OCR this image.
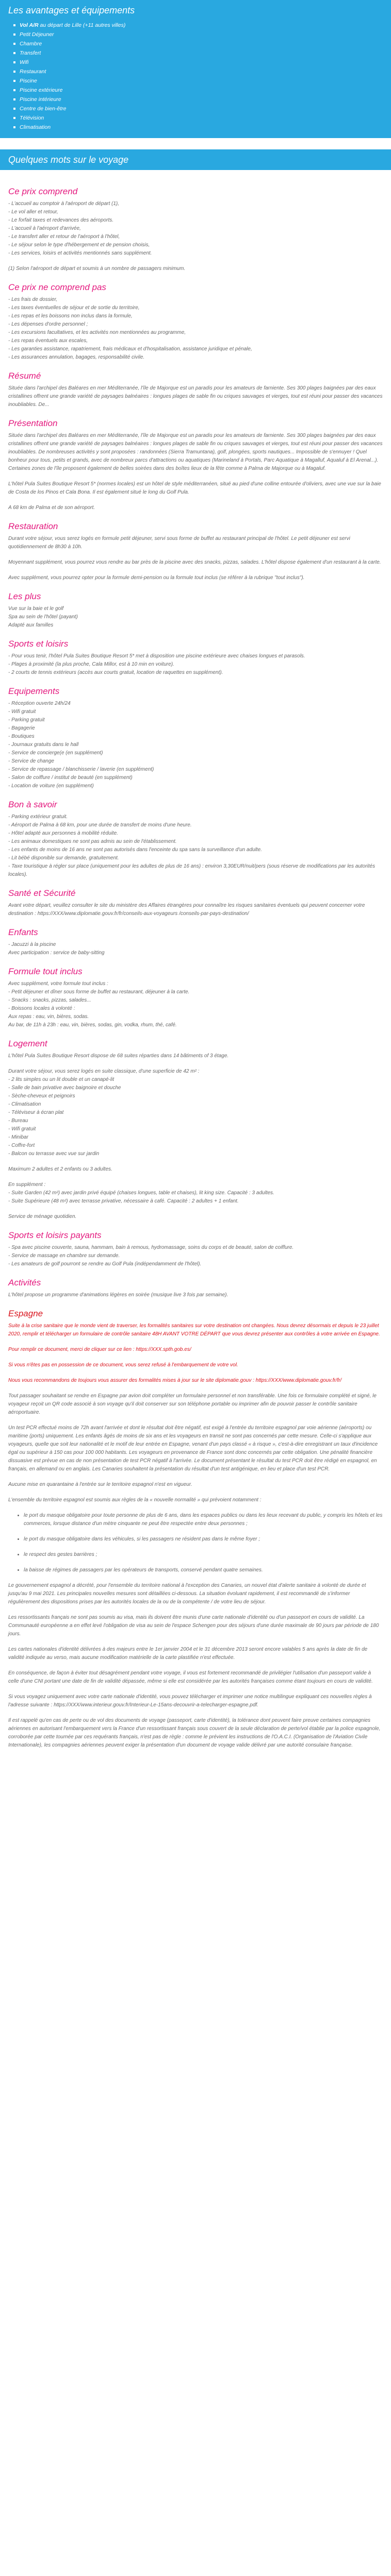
Les avantages et équipements
Vol A/R au départ de Lille (+11 autres villes)
Petit Déjeuner
Chambre
Transfert
Wifi
Restaurant
Piscine
Piscine extérieure
Piscine intérieure
Centre de bien-être
Télévision
Climatisation
Quelques mots sur le voyage
Ce prix comprend
- L'accueil au comptoir à l'aéroport de départ (1),
- Le vol aller et retour,
- Le forfait taxes et redevances des aéroports.
- L'accueil à l'aéroport d'arrivée,
- Le transfert aller et retour de l'aéroport à l'hôtel,
- Le séjour selon le type d'hébergement et de pension choisis,
- Les services, loisirs et activités mentionnés sans supplément.

(1) Selon l'aéroport de départ et soumis à un nombre de passagers minimum.

Ce prix ne comprend pas
- Les frais de dossier,
- Les taxes éventuelles de séjour et de sortie du territoire,
- Les repas et les boissons non inclus dans la formule,
- Les dépenses d'ordre personnel ;
- Les excursions facultatives, et les activités non mentionnées au programme,
- Les repas éventuels aux escales,
- Les garanties assistance, rapatriement, frais médicaux et d'hospitalisation, assistance juridique et pénale,
- Les assurances annulation, bagages, responsabilité civile.
Résumé

Située dans l'archipel des Baléares en mer Méditerranée, l'île de Majorque est un paradis pour les amateurs de farniente. Ses 300 plages baignées par des eaux cristallines offrent une grande variété de paysages balnéaires : longues plages de sable fin ou criques sauvages et vierges, tout est réuni pour passer des vacances inoubliables. De...

Présentation

Située dans l'archipel des Baléares en mer Méditerranée, l'île de Majorque est un paradis pour les amateurs de farniente. Ses 300 plages baignées par des eaux cristallines offrent une grande variété de paysages balnéaires : longues plages de sable fin ou criques sauvages et vierges, tout est réuni pour passer des vacances inoubliables. De nombreuses activités y sont proposées : randonnées (Sierra Tramuntana), golf, plongées, sports nautiques... Impossible de s'ennuyer ! Quel bonheur pour tous, petits et grands, avec de nombreux parcs d'attractions ou aquatiques (Marineland à Portals, Parc Aquatique à Magalluf, Aqualuf à El Arenal...). Certaines zones de l'île proposent également de belles soirées dans des boîtes lieux de la fête comme à Palma de Majorque ou à Magaluf.

L'hôtel Pula Suites Boutique Resort 5* (normes locales) est un hôtel de style méditerranéen, situé au pied d'une colline entourée d'oliviers, avec une vue sur la baie de Costa de los Pinos et Cala Bona. Il est également situé le long du Golf Pula.

A 68 km de Palma et de son aéroport.

Restauration

Durant votre séjour, vous serez logés en formule petit déjeuner, servi sous forme de buffet au restaurant principal de l'hôtel. Le petit déjeuner est servi quotidiennement de 8h30 à 10h.

Moyennant supplément, vous pourrez vous rendre au bar près de la piscine avec des snacks, pizzas, salades. L'hôtel dispose également d'un restaurant à la carte.

Avec supplément, vous pourrez opter pour la formule demi-pension ou la formule tout inclus (se référer à la rubrique "tout inclus").

Les plus
Vue sur la baie et le golf
Spa au sein de l'hôtel (payant)
Adapté aux familles
Sports et loisirs
- Pour vous tenir, l'hôtel Pula Suites Boutique Resort 5* met à disposition une piscine extérieure avec chaises longues et parasols.
- Plages à proximité (la plus proche, Cala Millor, est à 10 min en voiture).
- 2 courts de tennis extérieurs (accès aux courts gratuit, location de raquettes en supplément).
Equipements
- Réception ouverte 24h/24
- Wifi gratuit
- Parking gratuit
- Bagagerie
- Boutiques
- Journaux gratuits dans le hall
- Service de concierge(e (en supplément)
- Service de change
- Service de repassage / blanchisserie / laverie (en supplément)
- Salon de coiffure / institut de beauté (en supplément)
- Location de voiture (en supplément)
Bon à savoir
- Parking extérieur gratuit.
- Aéroport de Palma à 68 km, pour une durée de transfert de moins d'une heure.
- Hôtel adapté aux personnes à mobilité réduite.
- Les animaux domestiques ne sont pas admis au sein de l'établissement.
- Les enfants de moins de 16 ans ne sont pas autorisés dans l'enceinte du spa sans la surveillance d'un adulte.
- Lit bébé disponible sur demande, gratuitement.
- Taxe touristique à régler sur place (uniquement pour les adultes de plus de 16 ans) : environ 3,30EUR/nuit/pers (sous réserve de modifications par les autorités locales).
Santé et Sécurité

Avant votre départ, veuillez consulter le site du ministère des Affaires étrangères pour connaître les risques sanitaires éventuels qui peuvent concerner votre destination : https://XXX/www.diplomatie.gouv.fr/fr/conseils-aux-voyageurs /conseils-par-pays-destination/

Enfants
- Jacuzzi à la piscine
Avec participation : service de baby-sitting
Formule tout inclus
Avec supplément, votre formule tout inclus :
- Petit déjeuner et dîner sous forme de buffet au restaurant, déjeuner à la carte.
- Snacks : snacks, pizzas, salades...
- Boissons locales à volonté :
Aux repas : eau, vin, bières, sodas.
Au bar, de 11h à 23h : eau, vin, bières, sodas, gin, vodka, rhum, thé, café.
Logement

L'hôtel Pula Suites Boutique Resort dispose de 68 suites réparties dans 14 bâtiments of 3 étage.

Durant votre séjour, vous serez logés en suite classique, d'une superficie de 42 m² :
- 2 lits simples ou un lit double et un canapé-lit
- Salle de bain privative avec baignoire et douche
- Sèche-cheveux et peignoirs
- Climatisation
- Téléviseur à écran plat
- Bureau
- Wifi gratuit
- Minibar
- Coffre-fort
- Balcon ou terrasse avec vue sur jardin

Maximum 2 adultes et 2 enfants ou 3 adultes.

En supplément :
- Suite Garden (42 m²) avec jardin privé équipé (chaises longues, table et chaises), lit king size. Capacité : 3 adultes.
- Suite Supérieure (48 m²) avec terrasse privative, nécessaire à café. Capacité : 2 adultes + 1 enfant.

Service de ménage quotidien.

Sports et loisirs payants
- Spa avec piscine couverte, sauna, hammam, bain à remous, hydromassage, soins du corps et de beauté, salon de coiffure.
- Service de massage en chambre sur demande.
- Les amateurs de golf pourront se rendre au Golf Pula (indépendamment de l'hôtel).
Activités

L'hôtel propose un programme d'animations légères en soirée (musique live 3 fois par semaine).

Espagne
Suite à la crise sanitaire que le monde vient de traverser, les formalités sanitaires sur votre destination ont changées. Nous devrez désormais et depuis le 23 juillet 2020, remplir et télécharger un formulaire de contrôle sanitaire 48H AVANT VOTRE DÉPART que vous devrez présenter aux contrôles à votre arrivée en Espagne.
Pour remplir ce document, merci de cliquer sur ce lien : https://XXX.spth.gob.es/
Si vous n'êtes pas en possession de ce document, vous serez refusé à l'embarquement de votre vol.
Nous vous recommandons de toujours vous assurer des formalités mises à jour sur le site diplomatie.gouv : https://XXX/www.diplomatie.gouv.fr/fr/

Tout passager souhaitant se rendre en Espagne par avion doit compléter un formulaire personnel et non transférable. Une fois ce formulaire complété et signé, le voyageur reçoit un QR code associé à son voyage qu'il doit conserver sur son téléphone portable ou imprimer afin de pouvoir passer le contrôle sanitaire aéroportuaire.

Un test PCR effectué moins de 72h avant l'arrivée et dont le résultat doit être négatif, est exigé à l'entrée du territoire espagnol par voie aérienne (aéroports) ou maritime (ports) uniquement. Les enfants âgés de moins de six ans et les voyageurs en transit ne sont pas concernés par cette mesure. Celle-ci s'applique aux voyageurs, quelle que soit leur nationalité et le motif de leur entrée en Espagne, venant d'un pays classé « à risque », c'est-à-dire enregistrant un taux d'incidence égal ou supérieur à 150 cas pour 100 000 habitants. Les voyageurs en provenance de France sont donc concernés par cette obligation. Une pénalité financière dissuasive est prévue en cas de non présentation de test PCR négatif à l'arrivée. Le document présentant le résultat du test PCR doit être rédigé en espagnol, en français, en allemand ou en anglais. Les Canaries souhaitent la présentation du résultat d'un test antigénique, en lieu et place d'un test PCR.

Aucune mise en quarantaine à l'entrée sur le territoire espagnol n'est en vigueur.

L'ensemble du territoire espagnol est soumis aux règles de la « nouvelle normalité » qui prévoient notamment :

• le port du masque obligatoire pour toute personne de plus de 6 ans, dans les espaces publics ou dans les lieux recevant du public, y compris les hôtels et les commerces, lorsque distance d'un mètre cinquante ne peut être respectée entre deux personnes ;
• le port du masque obligatoire dans les véhicules, si les passagers ne résident pas dans le même foyer ;
• le respect des gestes barrières ;
• la baisse de régimes de passagers par les opérateurs de transports, conservé pendant quatre semaines.

Le gouvernement espagnol a décrété, pour l'ensemble du territoire national à l'exception des Canaries, un nouvel état d'alerte sanitaire à volonté de durée et jusqu'au 9 mai 2021. Les principales nouvelles mesures sont détaillées ci-dessous. La situation évoluant rapidement, il est recommandé de s'informer régulièrement des dispositions prises par les autorités locales de la ou de la compétente / de votre lieu de séjour.

Les ressortissants français ne sont pas soumis au visa, mais ils doivent être munis d'une carte nationale d'identité ou d'un passeport en cours de validité. La Communauté européenne a en effet levé l'obligation de visa au sein de l'espace Schengen pour des séjours d'une durée maximale de 90 jours par période de 180 jours.

Les cartes nationales d'identité délivrées à des majeurs entre le 1er janvier 2004 et le 31 décembre 2013 seront encore valables 5 ans après la date de fin de validité indiquée au verso, mais aucune modification matérielle de la carte plastifiée n'est effectuée.

En conséquence, de façon à éviter tout désagrément pendant votre voyage, il vous est fortement recommandé de privilégier l'utilisation d'un passeport valide à celle d'une CNI portant une date de fin de validité dépassée, même si elle est considérée par les autorités françaises comme étant toujours en cours de validité.

Si vous voyagez uniquement avec votre carte nationale d'identité, vous pouvez télécharger et imprimer une notice multilingue expliquant ces nouvelles règles à l'adresse suivante : https://XXX/www.interieur.gouv.fr/Interieur-Le-15ans-decouvrir-a-telecharger-espagne.pdf.

Il est rappelé qu'en cas de perte ou de vol des documents de voyage (passeport, carte d'identité), la tolérance dont peuvent faire preuve certaines compagnies aériennes en autorisant l'embarquement vers la France d'un ressortissant français sous couvert de la seule déclaration de perte/vol établie par la police espagnole, corroborée par cette tournée par ces requérants français, n'est pas de règle : comme le prévient les instructions de l'O.A.C.I. (Organisation de l'Aviation Civile Internationale), les compagnies aériennes peuvent exiger la présentation d'un document de voyage valide délivré par une autorité consulaire française.
